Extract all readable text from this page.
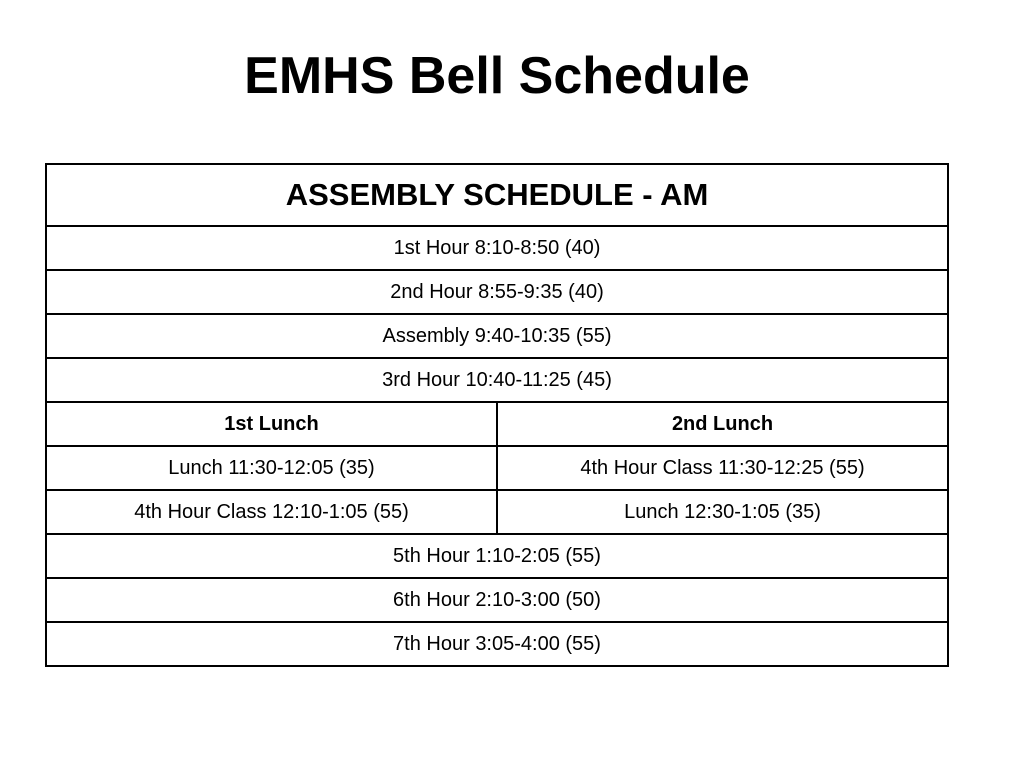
EMHS Bell Schedule
ASSEMBLY SCHEDULE - AM	
1st Hour 8:10-8:50 (40)	
2nd Hour 8:55-9:35 (40)	
Assembly 9:40-10:35 (55)	
3rd Hour 10:40-11:25 (45)	
1st Lunch	2nd Lunch
Lunch 11:30-12:05 (35)	4th Hour Class 11:30-12:25 (55)
4th Hour Class 12:10-1:05 (55)	Lunch 12:30-1:05 (35)
5th Hour 1:10-2:05 (55)	
6th Hour 2:10-3:00 (50)	
7th Hour 3:05-4:00 (55)	
